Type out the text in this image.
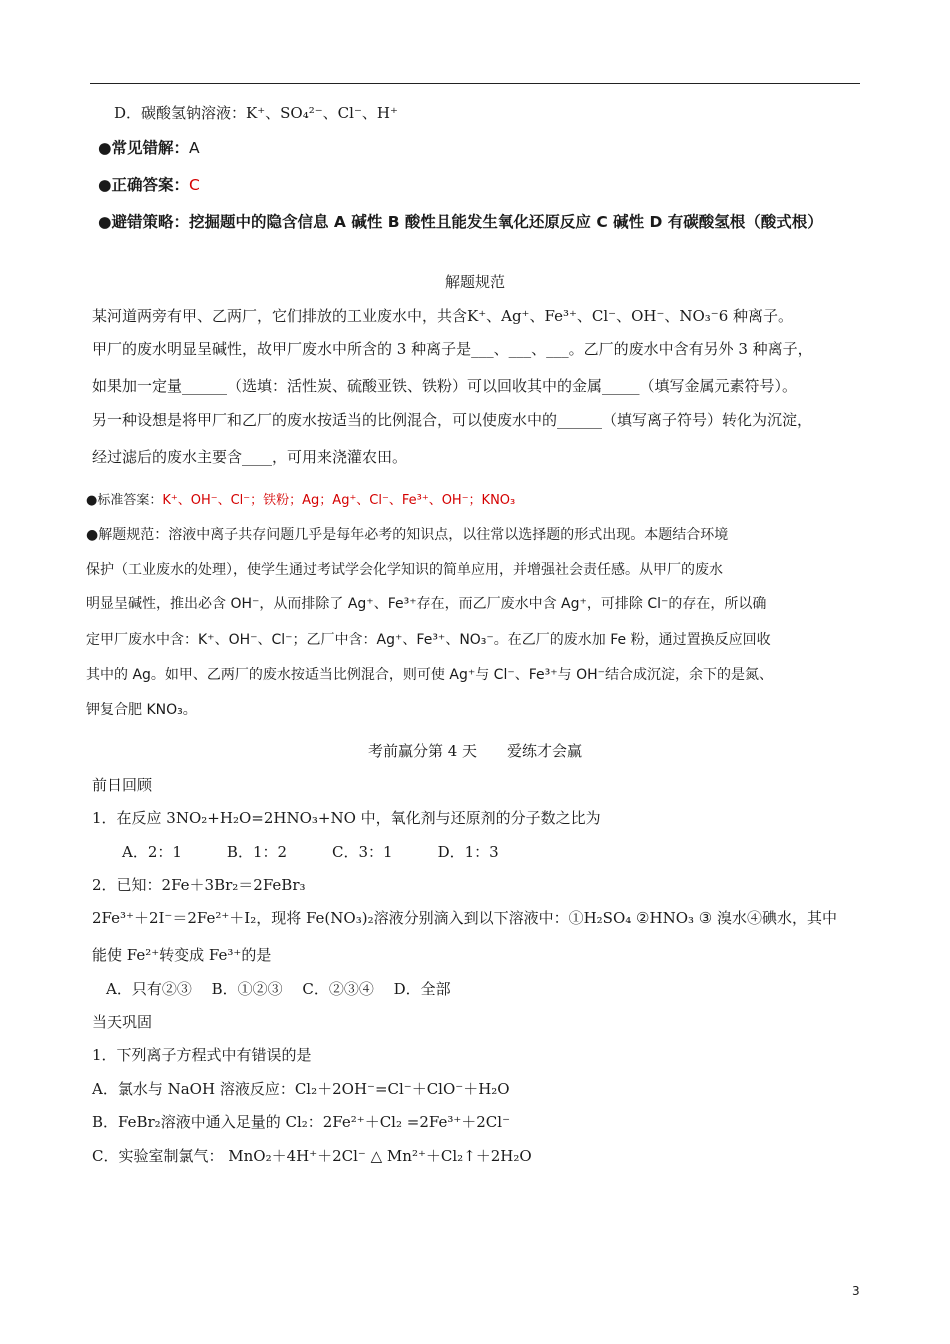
D．碳酸氢钠溶液：K⁺、SO₄²⁻、Cl⁻、H⁺
●常见错解：A
●正确答案：C
●避错策略：挖掘题中的隐含信息 A 碱性 B 酸性且能发生氧化还原反应 C 碱性 D 有碳酸氢根（酸式根）
解题规范
某河道两旁有甲、乙两厂，它们排放的工业废水中，共含K⁺、Ag⁺、Fe³⁺、Cl⁻、OH⁻、NO₃⁻6 种离子。
甲厂的废水明显呈碱性，故甲厂废水中所含的 3 种离子是___、___、___。乙厂的废水中含有另外 3 种离子，
如果加一定量______（选填：活性炭、硫酸亚铁、铁粉）可以回收其中的金属_____（填写金属元素符号）。
另一种设想是将甲厂和乙厂的废水按适当的比例混合，可以使废水中的______（填写离子符号）转化为沉淀，
经过滤后的废水主要含____，可用来浇灌农田。
●标准答案：K⁺、OH⁻、Cl⁻；铁粉；Ag；Ag⁺、Cl⁻、Fe³⁺、OH⁻；KNO₃
●解题规范：溶液中离子共存问题几乎是每年必考的知识点，以往常以选择题的形式出现。本题结合环境
保护（工业废水的处理），使学生通过考试学会化学知识的简单应用，并增强社会责任感。从甲厂的废水
明显呈碱性，推出必含 OH⁻，从而排除了 Ag⁺、Fe³⁺存在，而乙厂废水中含 Ag⁺，可排除 Cl⁻的存在，所以确
定甲厂废水中含：K⁺、OH⁻、Cl⁻；乙厂中含：Ag⁺、Fe³⁺、NO₃⁻。在乙厂的废水加 Fe 粉，通过置换反应回收
其中的 Ag。如甲、乙两厂的废水按适当比例混合，则可使 Ag⁺与 Cl⁻、Fe³⁺与 OH⁻结合成沉淀，余下的是氮、
钾复合肥 KNO₃。
考前赢分第 4 天　　爱练才会赢
前日回顾
1．在反应 3NO₂+H₂O=2HNO₃+NO 中，氧化剂与还原剂的分子数之比为
A．2：1　　　B．1：2　　　C．3：1　　　D．1：3
2．已知：2Fe＋3Br₂＝2FeBr₃
2Fe³⁺＋2I⁻＝2Fe²⁺＋I₂，现将 Fe(NO₃)₂溶液分别滴入到以下溶液中：①H₂SO₄ ②HNO₃ ③ 溴水④碘水，其中
能使 Fe²⁺转变成 Fe³⁺的是
A．只有②③　 B．①②③　 C．②③④　 D．全部
当天巩固
1．下列离子方程式中有错误的是
A．氯水与 NaOH 溶液反应：Cl₂＋2OH⁻=Cl⁻＋ClO⁻＋H₂O
B．FeBr₂溶液中通入足量的 Cl₂：2Fe²⁺＋Cl₂ =2Fe³⁺＋2Cl⁻
C．实验室制氯气： MnO₂＋4H⁺＋2Cl⁻ △ Mn²⁺＋Cl₂↑＋2H₂O
3
